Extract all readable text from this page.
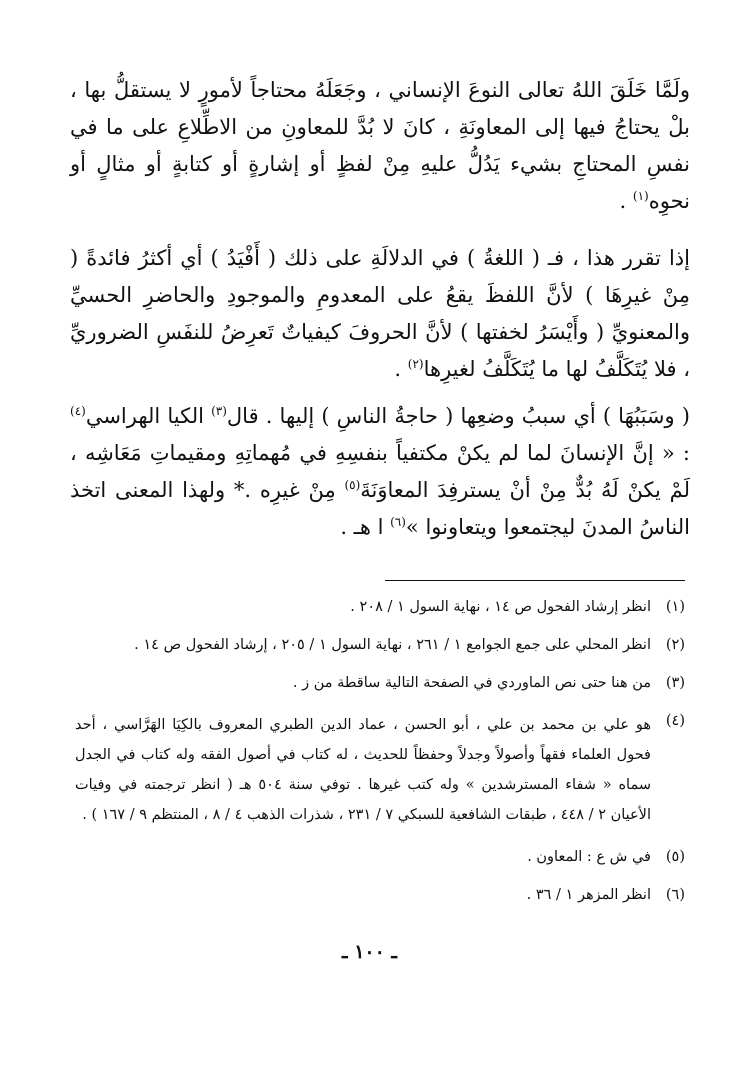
ولَمَّا خَلَقَ اللهُ تعالى النوعَ الإنساني ، وجَعَلَهُ محتاجاً لأمورٍ لا يستقلُّ بها ، بلْ يحتاجُ فيها إلى المعاونَةِ ، كانَ لا بُدَّ للمعاونِ من الاطِّلاعِ على ما في نفسِ المحتاجِ بشيء يَدُلُّ عليهِ مِنْ لفظٍ أو إشارةٍ أو كتابةٍ أو مثالٍ أو نحوِه$^{(١)}$ .

إذا تقرر هذا ، فـ ( اللغةُ ) في الدلالَةِ على ذلك ( أَفْيَدُ ) أي أكثرُ فائدةً ( مِنْ غيرِهَا ) لأنَّ اللفظَ يقعُ على المعدومِ والموجودِ والحاضرِ الحسيِّ والمعنويِّ ( وأَيْسَرُ لخفتها ) لأنَّ الحروفَ كيفياتٌ تَعرِضُ للنفَسِ الضروريِّ ، فلا يُتَكَلَّفُ لها ما يُتَكَلَّفُ لغيرِها$^{(٢)}$ .

( وسَبَبُهَا ) أي سببُ وضعِها ( حاجةُ الناسِ ) إليها . قال$^{(٣)}$ الكيا الهراسي$^{(٤)}$ : « إنَّ الإنسانَ لما لم يكنْ مكتفياً بنفسِهِ في مُهماتِهِ ومقيماتِ مَعَاشِه ، لَمْ يكنْ لَهُ بُدٌّ مِنْ أنْ يسترفِدَ المعاوَنَةَ$^{(٥)}$ مِنْ غيرِه .* ولهذا المعنى اتخذ الناسُ المدنَ ليجتمعوا ويتعاونوا »$^{(٦)}$ ا هـ .

(١)
انظر إرشاد الفحول ص ١٤ ، نهاية السول ١ / ٢٠٨ .
(٢)
انظر المحلي على جمع الجوامع ١ / ٢٦١ ، نهاية السول ١ / ٢٠٥ ، إرشاد الفحول ص ١٤ .
(٣)
من هنا حتى نص الماوردي في الصفحة التالية ساقطة من ز .
(٤)
هو علي بن محمد بن علي ، أبو الحسن ، عماد الدين الطبري المعروف بالكِيَا الهَرَّاسي ، أحد فحول العلماء فقهاً وأصولاً وجدلاً وحفظاً للحديث ، له كتاب في أصول الفقه وله كتاب في الجدل سماه « شفاء المسترشدين » وله كتب غيرها . توفي سنة ٥٠٤ هـ ( انظر ترجمته في وفيات الأعيان ٢ / ٤٤٨ ، طبقات الشافعية للسبكي ٧ / ٢٣١ ، شذرات الذهب ٤ / ٨ ، المنتظم ٩ / ١٦٧ ) .
(٥)
في ش ع : المعاون .
(٦)
انظر المزهر ١ / ٣٦ .
ـ ١٠٠ ـ
